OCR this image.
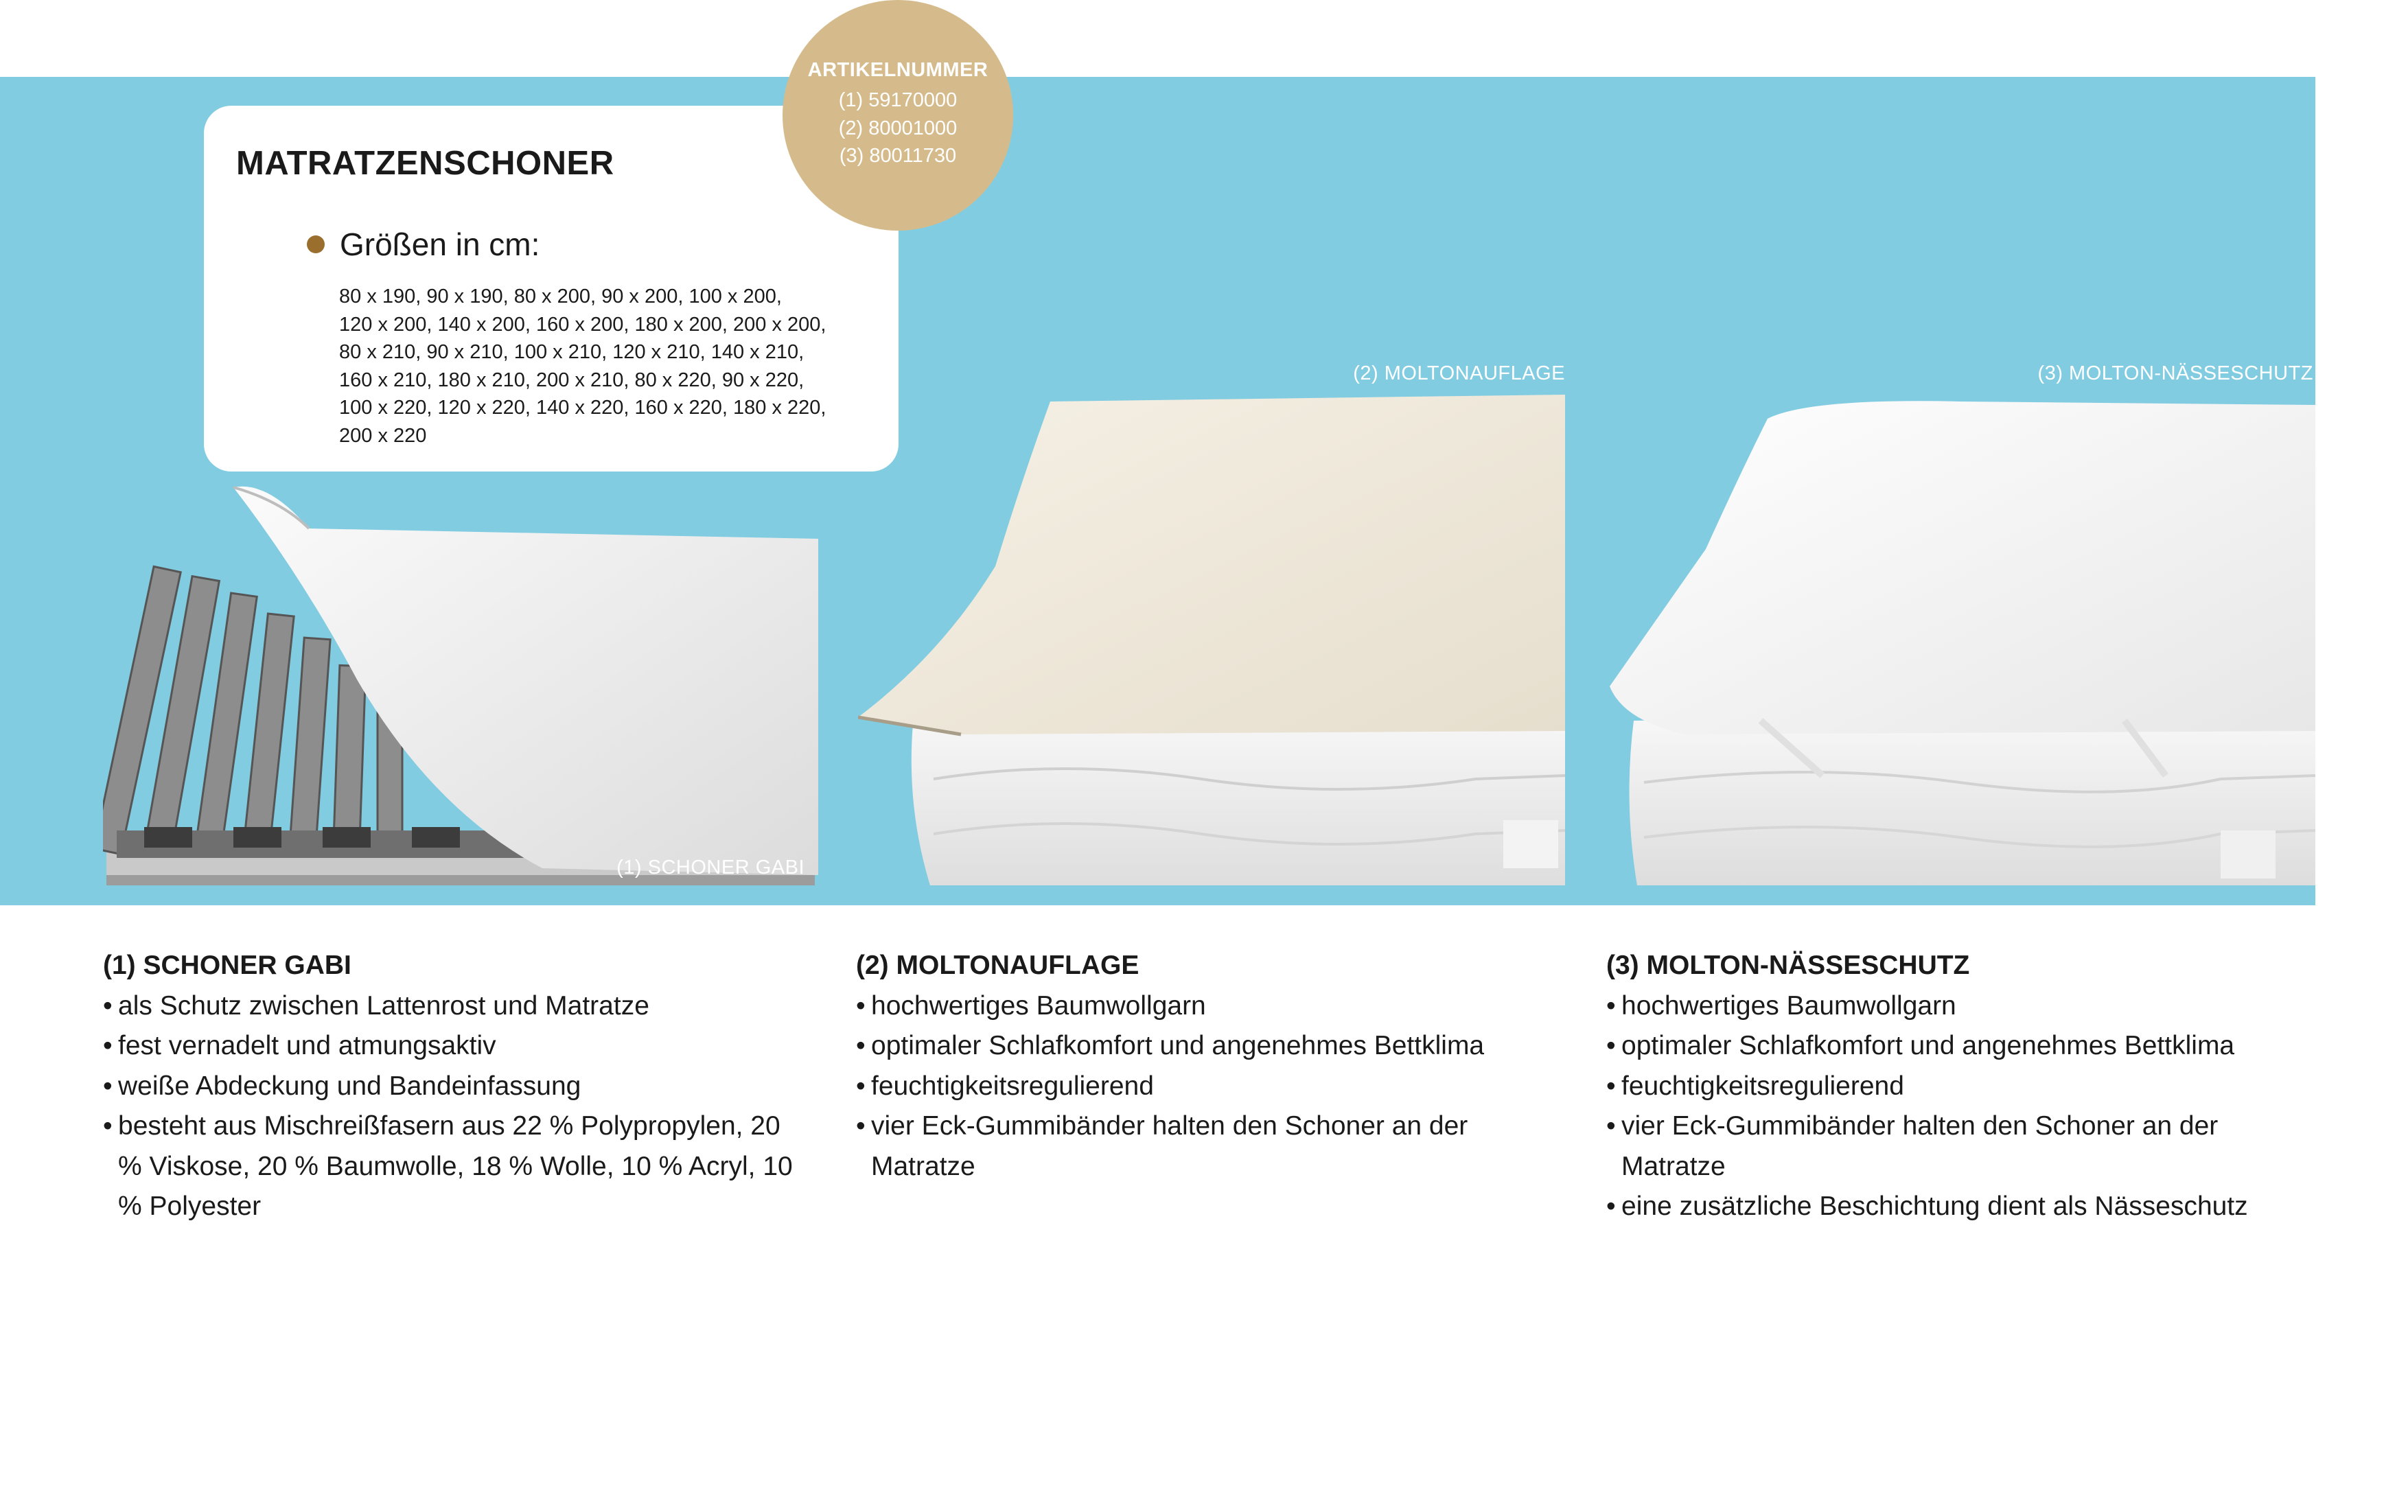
(1) SCHONER GABI
(2) MOLTONAUFLAGE	(3) MOLTON-NÄSSESCHUTZ
MATRATZENSCHONER
Größen in cm:
80 x 190, 90 x 190, 80 x 200, 90 x 200, 100 x 200,
120 x 200, 140 x 200, 160 x 200, 180 x 200, 200 x 200,
80 x 210, 90 x 210, 100 x 210, 120 x 210, 140 x 210,
160 x 210, 180 x 210, 200 x 210, 80 x 220, 90 x 220,
100 x 220, 120 x 220, 140 x 220, 160 x 220, 180 x 220,
200 x 220
ARTIKELNUMMER
(1) 59170000
(2) 80001000
(3) 80011730
(1) SCHONER GABI
• als Schutz zwischen Lattenrost und Matratze
• fest vernadelt und atmungsaktiv
• weiße Abdeckung und Bandeinfassung
• besteht aus Mischreißfasern aus 22 % Polypropylen, 20 % Viskose, 20 % Baumwolle, 18 % Wolle, 10 % Acryl, 10 % Polyester
(2) MOLTONAUFLAGE
• hochwertiges Baumwollgarn
• optimaler Schlafkomfort und angenehmes Bettklima
• feuchtigkeitsregulierend
• vier Eck-Gummibänder halten den Schoner an der Matratze
(3) MOLTON-NÄSSESCHUTZ
• hochwertiges Baumwollgarn
• optimaler Schlafkomfort und angenehmes Bettklima
• feuchtigkeitsregulierend
• vier Eck-Gummibänder halten den Schoner an der Matratze
• eine zusätzliche Beschichtung dient als Nässeschutz
